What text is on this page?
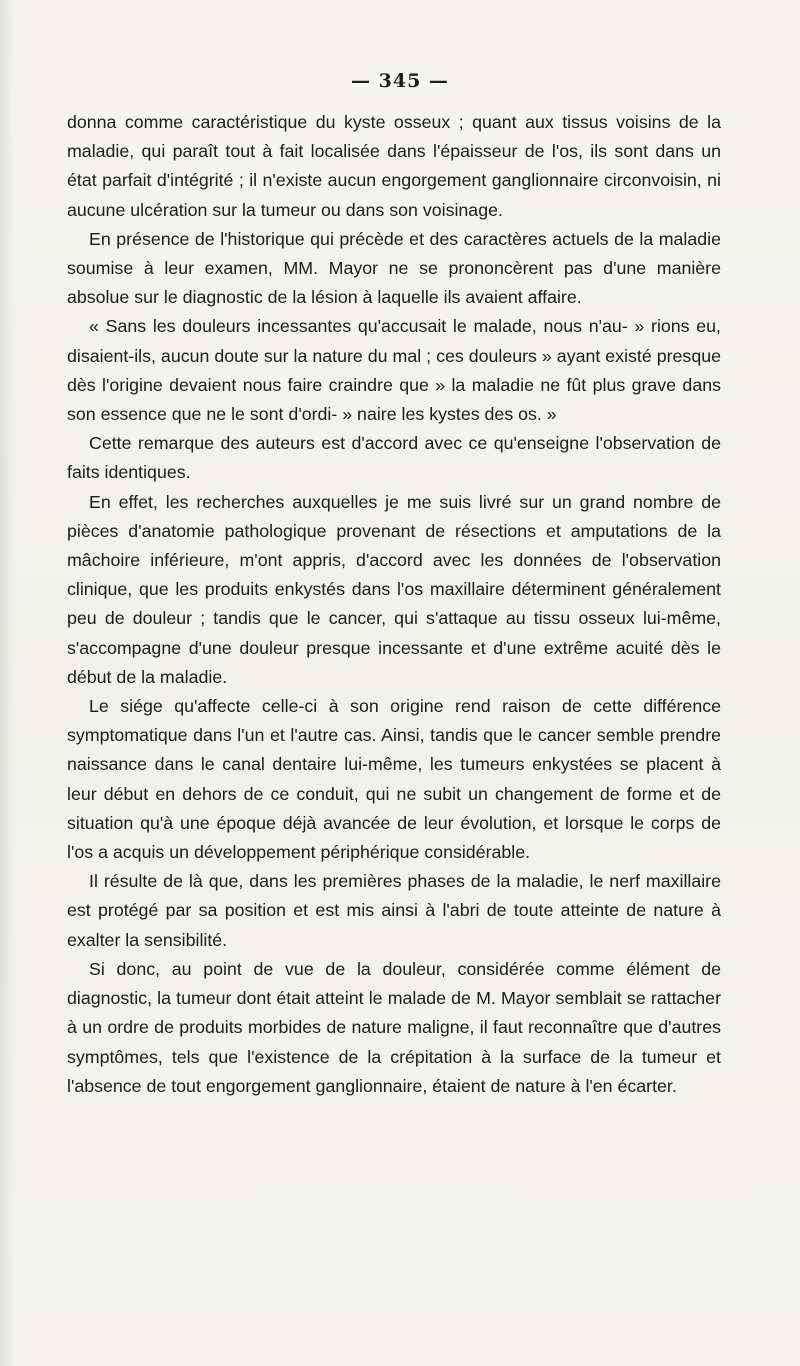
— 345 —

donna comme caractéristique du kyste osseux ; quant aux tissus voisins de la maladie, qui paraît tout à fait localisée dans l'épaisseur de l'os, ils sont dans un état parfait d'intégrité ; il n'existe aucun engorgement ganglionnaire circonvoisin, ni aucune ulcération sur la tumeur ou dans son voisinage.

En présence de l'historique qui précède et des caractères actuels de la maladie soumise à leur examen, MM. Mayor ne se prononcèrent pas d'une manière absolue sur le diagnostic de la lésion à laquelle ils avaient affaire.

« Sans les douleurs incessantes qu'accusait le malade, nous n'au- » rions eu, disaient-ils, aucun doute sur la nature du mal ; ces douleurs » ayant existé presque dès l'origine devaient nous faire craindre que » la maladie ne fût plus grave dans son essence que ne le sont d'ordi- » naire les kystes des os. »

Cette remarque des auteurs est d'accord avec ce qu'enseigne l'observation de faits identiques.

En effet, les recherches auxquelles je me suis livré sur un grand nombre de pièces d'anatomie pathologique provenant de résections et amputations de la mâchoire inférieure, m'ont appris, d'accord avec les données de l'observation clinique, que les produits enkystés dans l'os maxillaire déterminent généralement peu de douleur ; tandis que le cancer, qui s'attaque au tissu osseux lui-même, s'accompagne d'une douleur presque incessante et d'une extrême acuité dès le début de la maladie.

Le siége qu'affecte celle-ci à son origine rend raison de cette différence symptomatique dans l'un et l'autre cas. Ainsi, tandis que le cancer semble prendre naissance dans le canal dentaire lui-même, les tumeurs enkystées se placent à leur début en dehors de ce conduit, qui ne subit un changement de forme et de situation qu'à une époque déjà avancée de leur évolution, et lorsque le corps de l'os a acquis un développement périphérique considérable.

Il résulte de là que, dans les premières phases de la maladie, le nerf maxillaire est protégé par sa position et est mis ainsi à l'abri de toute atteinte de nature à exalter la sensibilité.

Si donc, au point de vue de la douleur, considérée comme élément de diagnostic, la tumeur dont était atteint le malade de M. Mayor semblait se rattacher à un ordre de produits morbides de nature maligne, il faut reconnaître que d'autres symptômes, tels que l'existence de la crépitation à la surface de la tumeur et l'absence de tout engorgement ganglionnaire, étaient de nature à l'en écarter.
